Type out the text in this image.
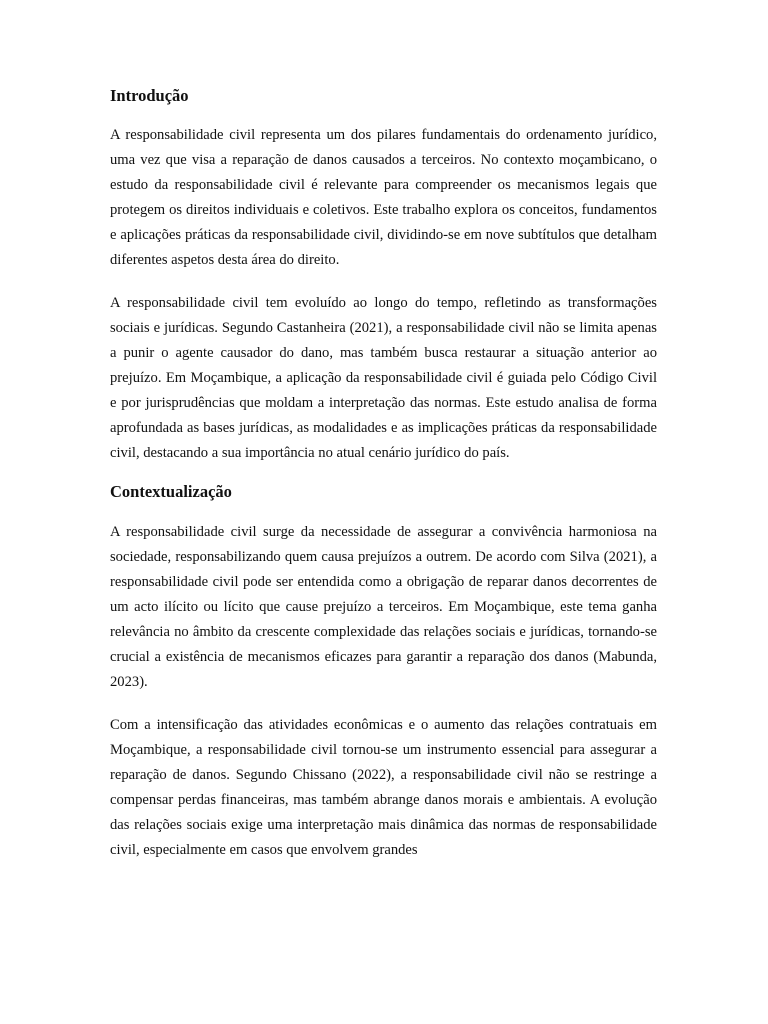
Introdução

A responsabilidade civil representa um dos pilares fundamentais do ordenamento jurídico, uma vez que visa a reparação de danos causados a terceiros. No contexto moçambicano, o estudo da responsabilidade civil é relevante para compreender os mecanismos legais que protegem os direitos individuais e coletivos. Este trabalho explora os conceitos, fundamentos e aplicações práticas da responsabilidade civil, dividindo-se em nove subtítulos que detalham diferentes aspetos desta área do direito.

A responsabilidade civil tem evoluído ao longo do tempo, refletindo as transformações sociais e jurídicas. Segundo Castanheira (2021), a responsabilidade civil não se limita apenas a punir o agente causador do dano, mas também busca restaurar a situação anterior ao prejuízo. Em Moçambique, a aplicação da responsabilidade civil é guiada pelo Código Civil e por jurisprudências que moldam a interpretação das normas. Este estudo analisa de forma aprofundada as bases jurídicas, as modalidades e as implicações práticas da responsabilidade civil, destacando a sua importância no atual cenário jurídico do país.

Contextualização

A responsabilidade civil surge da necessidade de assegurar a convivência harmoniosa na sociedade, responsabilizando quem causa prejuízos a outrem. De acordo com Silva (2021), a responsabilidade civil pode ser entendida como a obrigação de reparar danos decorrentes de um acto ilícito ou lícito que cause prejuízo a terceiros. Em Moçambique, este tema ganha relevância no âmbito da crescente complexidade das relações sociais e jurídicas, tornando-se crucial a existência de mecanismos eficazes para garantir a reparação dos danos (Mabunda, 2023).

Com a intensificação das atividades econômicas e o aumento das relações contratuais em Moçambique, a responsabilidade civil tornou-se um instrumento essencial para assegurar a reparação de danos. Segundo Chissano (2022), a responsabilidade civil não se restringe a compensar perdas financeiras, mas também abrange danos morais e ambientais. A evolução das relações sociais exige uma interpretação mais dinâmica das normas de responsabilidade civil, especialmente em casos que envolvem grandes
